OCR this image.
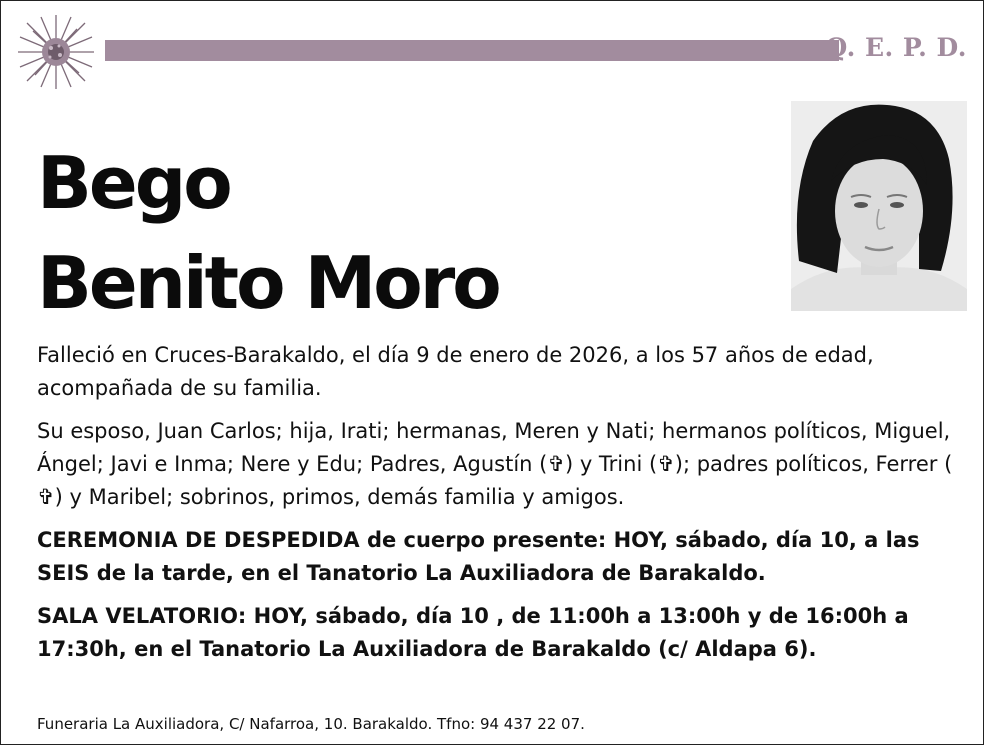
Q. E. P. D.
Bego
Benito Moro

Falleció en Cruces-Barakaldo, el día 9 de enero de 2026, a los 57 años de edad, acompañada de su familia.

Su esposo, Juan Carlos; hija, Irati; hermanas, Meren y Nati; hermanos políticos, Miguel, Ángel; Javi e Inma; Nere y Edu; Padres, Agustín (✞) y Trini (✞); padres políticos, Ferrer (✞) y Maribel; sobrinos, primos, demás familia y amigos.

CEREMONIA DE DESPEDIDA de cuerpo presente: HOY, sábado, día 10, a las SEIS de la tarde, en el Tanatorio La Auxiliadora de Barakaldo.

SALA VELATORIO: HOY, sábado, día 10 , de 11:00h a 13:00h y de 16:00h a 17:30h, en el Tanatorio La Auxiliadora de Barakaldo (c/ Aldapa 6).

Funeraria La Auxiliadora, C/ Nafarroa, 10. Barakaldo. Tfno: 94 437 22 07.
